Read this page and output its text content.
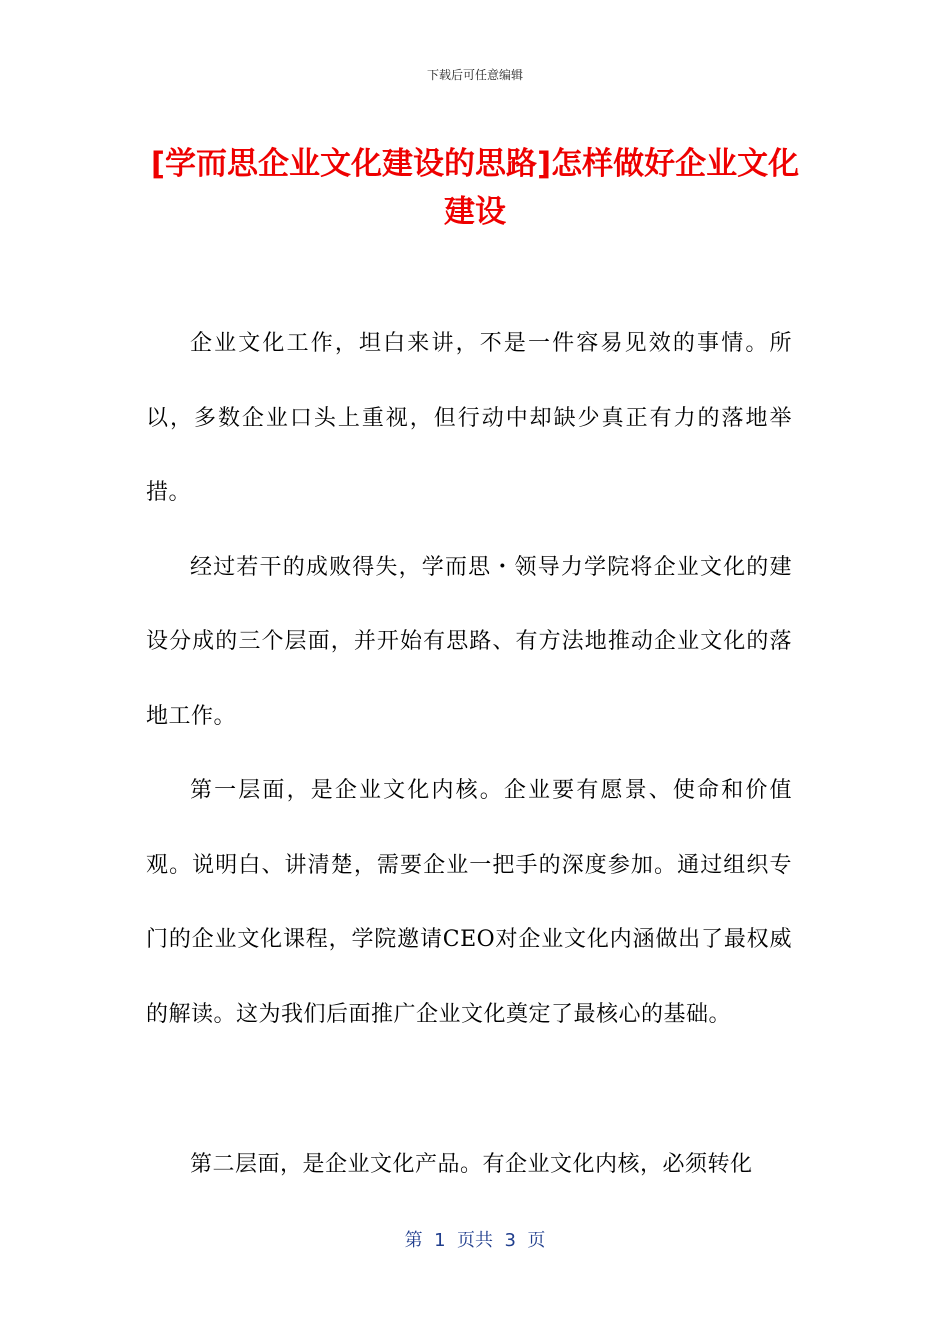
下载后可任意编辑
[学而思企业文化建设的思路]怎样做好企业文化建设

企业文化工作，坦白来讲，不是一件容易见效的事情。所以，多数企业口头上重视，但行动中却缺少真正有力的落地举措。

经过若干的成败得失，学而思・领导力学院将企业文化的建设分成的三个层面，并开始有思路、有方法地推动企业文化的落地工作。

第一层面，是企业文化内核。企业要有愿景、使命和价值观。说明白、讲清楚，需要企业一把手的深度参加。通过组织专门的企业文化课程，学院邀请CEO对企业文化内涵做出了最权威的解读。这为我们后面推广企业文化奠定了最核心的基础。

第二层面，是企业文化产品。有企业文化内核，必须转化

第  1  页共  3  页
